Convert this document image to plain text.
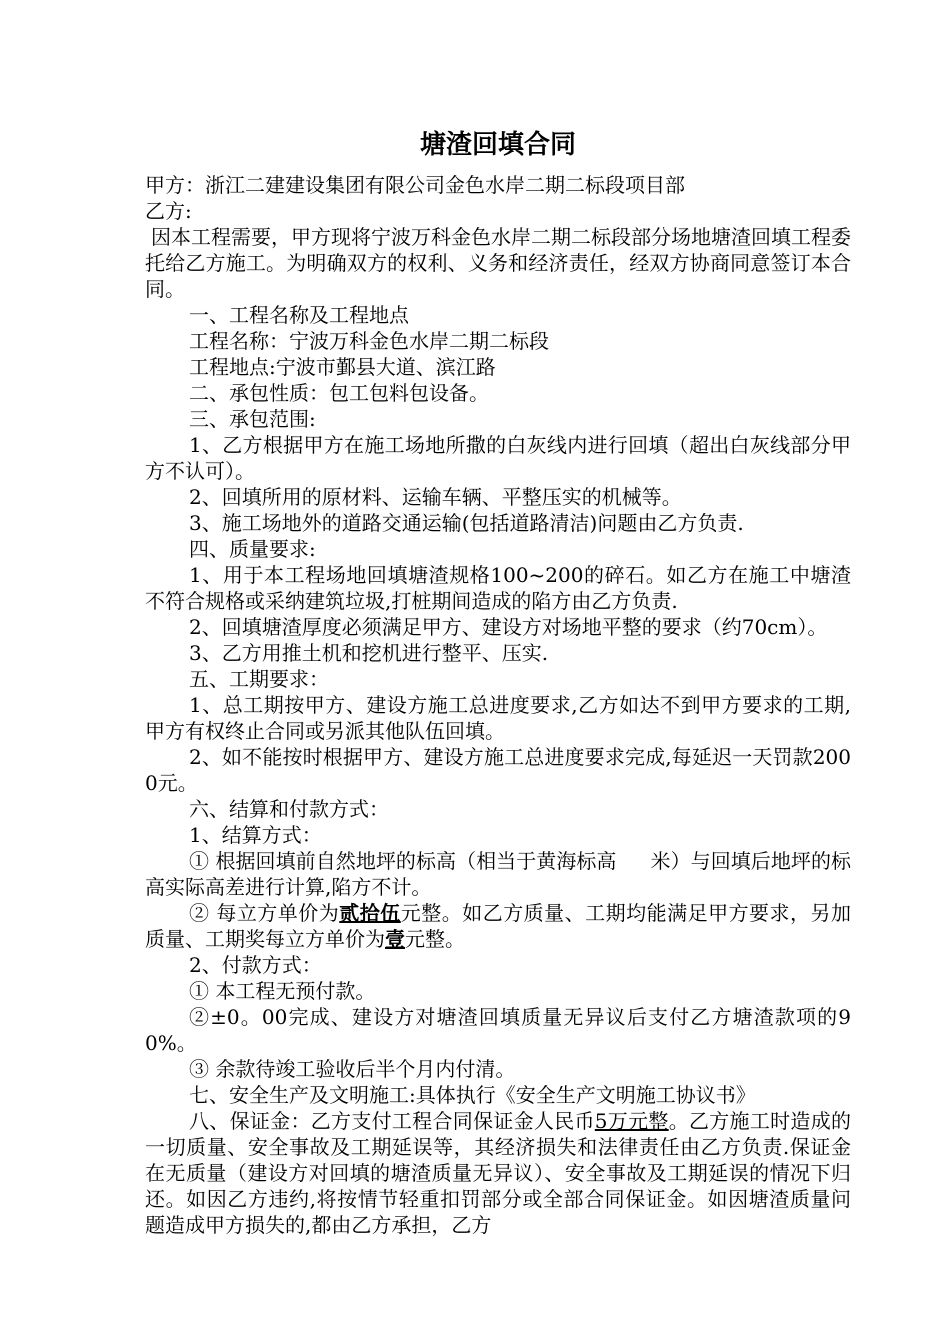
塘渣回填合同
甲方：浙江二建建设集团有限公司金色水岸二期二标段项目部
乙方:
因本工程需要，甲方现将宁波万科金色水岸二期二标段部分场地塘渣回填工程委托给乙方施工。为明确双方的权利、义务和经济责任，经双方协商同意签订本合同。
一、工程名称及工程地点
工程名称：宁波万科金色水岸二期二标段
工程地点:宁波市鄞县大道、滨江路
二、承包性质：包工包料包设备。
三、承包范围:
1、乙方根据甲方在施工场地所撒的白灰线内进行回填（超出白灰线部分甲方不认可）。
2、回填所用的原材料、运输车辆、平整压实的机械等。
3、施工场地外的道路交通运输(包括道路清洁)问题由乙方负责.
四、质量要求:
1、用于本工程场地回填塘渣规格100~200的碎石。如乙方在施工中塘渣不符合规格或采纳建筑垃圾,打桩期间造成的陷方由乙方负责.
2、回填塘渣厚度必须满足甲方、建设方对场地平整的要求（约70cm）。
3、乙方用推土机和挖机进行整平、压实.
五、工期要求：
1、总工期按甲方、建设方施工总进度要求,乙方如达不到甲方要求的工期,甲方有权终止合同或另派其他队伍回填。
2、如不能按时根据甲方、建设方施工总进度要求完成,每延迟一天罚款2000元。
六、结算和付款方式：
1、结算方式：
① 根据回填前自然地坪的标高（相当于黄海标高 米）与回填后地坪的标高实际高差进行计算,陷方不计。
② 每立方单价为贰拾伍元整。如乙方质量、工期均能满足甲方要求，另加质量、工期奖每立方单价为壹元整。
2、付款方式：
① 本工程无预付款。
②±0。00完成、建设方对塘渣回填质量无异议后支付乙方塘渣款项的90%。
③ 余款待竣工验收后半个月内付清。
七、安全生产及文明施工:具体执行《安全生产文明施工协议书》
八、保证金：乙方支付工程合同保证金人民币5万元整。乙方施工时造成的一切质量、安全事故及工期延误等，其经济损失和法律责任由乙方负责.保证金在无质量（建设方对回填的塘渣质量无异议）、安全事故及工期延误的情况下归还。如因乙方违约,将按情节轻重扣罚部分或全部合同保证金。如因塘渣质量问题造成甲方损失的,都由乙方承担，乙方
